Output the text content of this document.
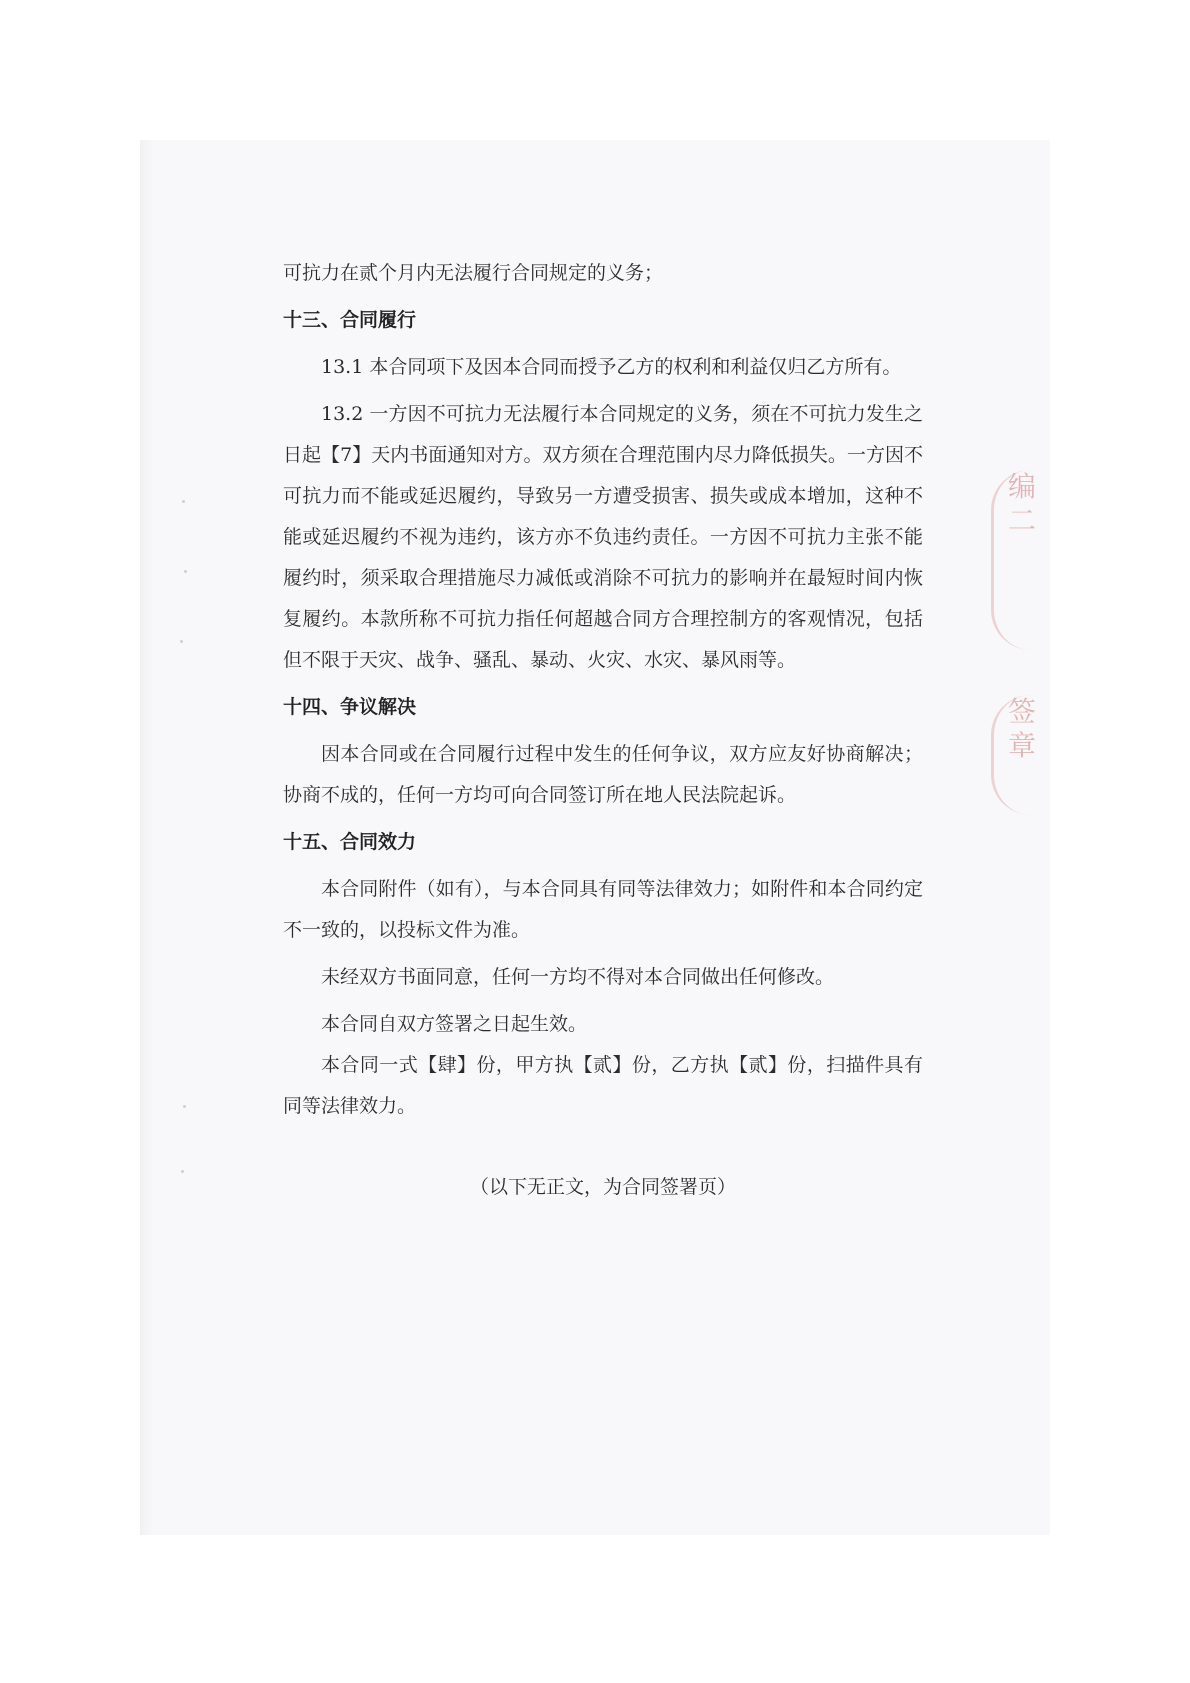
可抗力在贰个月内无法履行合同规定的义务；

十三、合同履行

13.1 本合同项下及因本合同而授予乙方的权利和利益仅归乙方所有。

13.2 一方因不可抗力无法履行本合同规定的义务，须在不可抗力发生之日起【7】天内书面通知对方。双方须在合理范围内尽力降低损失。一方因不可抗力而不能或延迟履约，导致另一方遭受损害、损失或成本增加，这种不能或延迟履约不视为违约，该方亦不负违约责任。一方因不可抗力主张不能履约时，须采取合理措施尽力减低或消除不可抗力的影响并在最短时间内恢复履约。本款所称不可抗力指任何超越合同方合理控制方的客观情况，包括但不限于天灾、战争、骚乱、暴动、火灾、水灾、暴风雨等。

十四、争议解决

因本合同或在合同履行过程中发生的任何争议，双方应友好协商解决；协商不成的，任何一方均可向合同签订所在地人民法院起诉。

十五、合同效力

本合同附件（如有），与本合同具有同等法律效力；如附件和本合同约定不一致的，以投标文件为准。

未经双方书面同意，任何一方均不得对本合同做出任何修改。

本合同自双方签署之日起生效。

本合同一式【肆】份，甲方执【贰】份，乙方执【贰】份，扫描件具有同等法律效力。

（以下无正文，为合同签署页）

编 二
签 章
